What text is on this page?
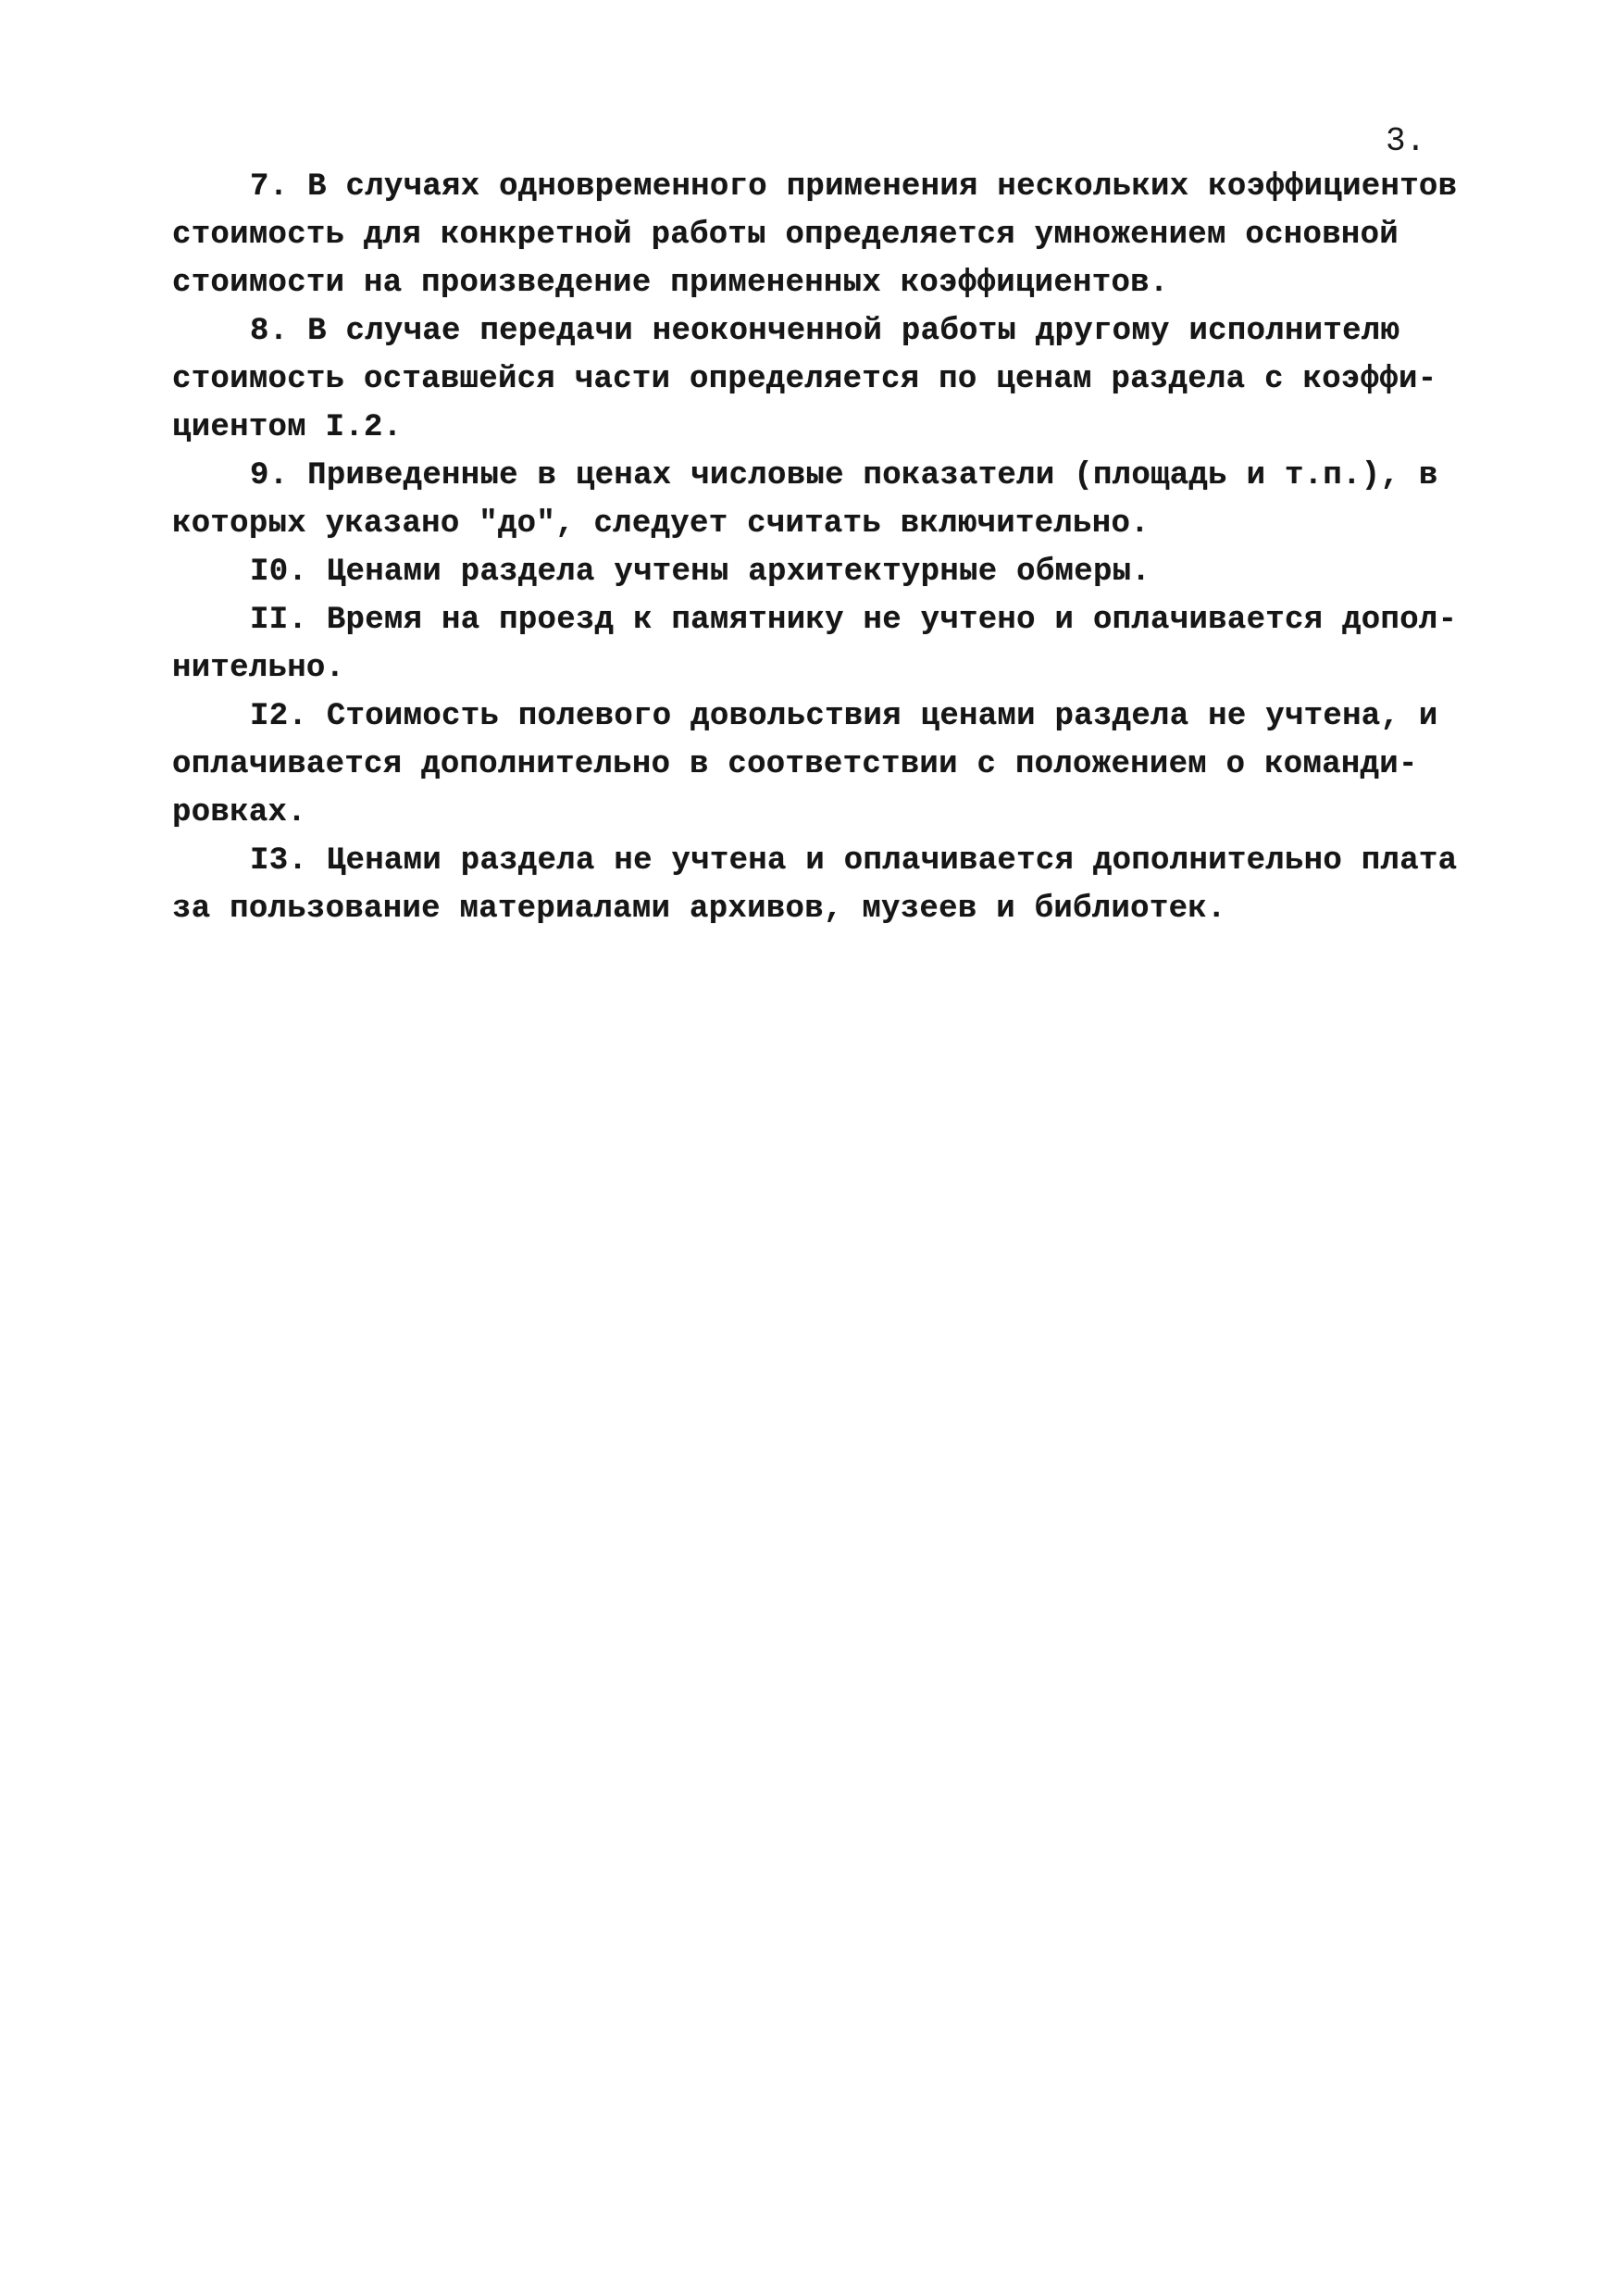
3.
7. В случаях одновременного применения нескольких коэффициентов
стоимость для конкретной работы определяется умножением основной
стоимости на произведение примененных коэффициентов.
8. В случае передачи неоконченной работы другому исполнителю
стоимость оставшейся части определяется по ценам раздела с коэффи-
циентом I.2.
9. Приведенные в ценах числовые показатели (площадь и т.п.), в
которых указано "до", следует считать включительно.
I0. Ценами раздела учтены архитектурные обмеры.
II. Время на проезд к памятнику не учтено и оплачивается допол-
нительно.
I2. Стоимость полевого довольствия ценами раздела не учтена, и
оплачивается дополнительно в соответствии с положением о команди-
ровках.
I3. Ценами раздела не учтена и оплачивается дополнительно плата
за пользование материалами архивов, музеев и библиотек.
